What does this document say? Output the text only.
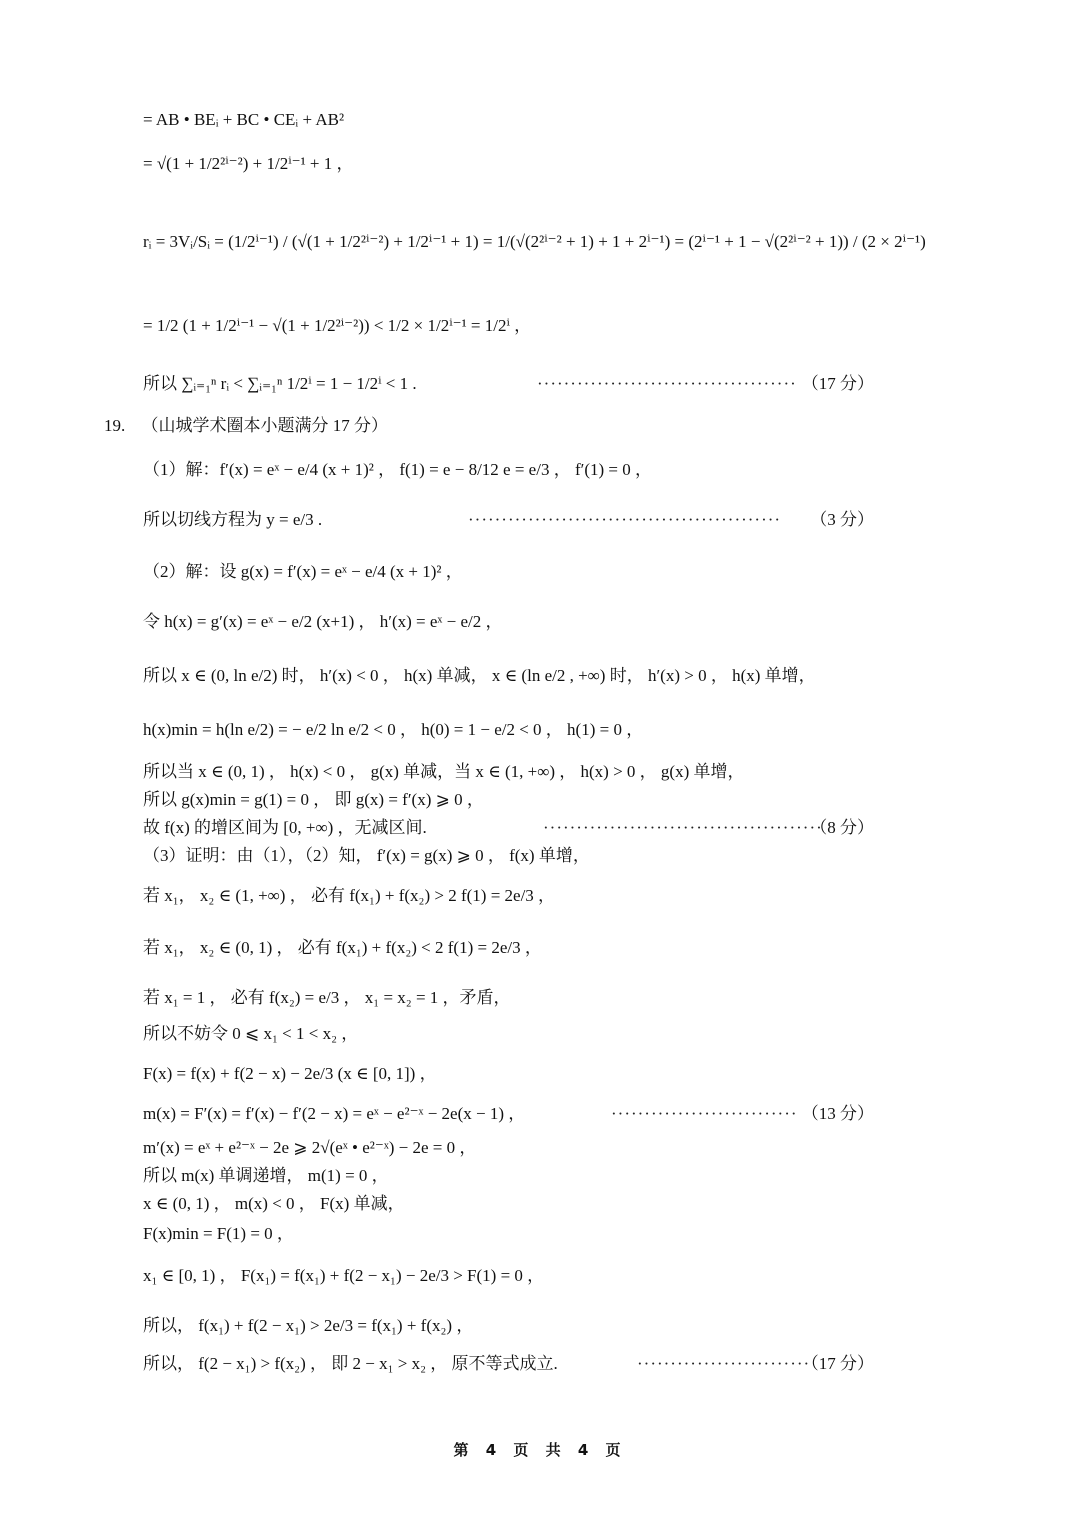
= AB • BEᵢ + BC • CEᵢ + AB²
= √(1 + 1/2²ⁱ⁻²) + 1/2ⁱ⁻¹ + 1 ，
rᵢ = 3Vᵢ/Sᵢ = (1/2ⁱ⁻¹) / (√(1 + 1/2²ⁱ⁻²) + 1/2ⁱ⁻¹ + 1) = 1/(√(2²ⁱ⁻² + 1) + 1 + 2ⁱ⁻¹) = (2ⁱ⁻¹ + 1 − √(2²ⁱ⁻² + 1)) / (2 × 2ⁱ⁻¹)
= 1/2 (1 + 1/2ⁱ⁻¹ − √(1 + 1/2²ⁱ⁻²)) < 1/2 × 1/2ⁱ⁻¹ = 1/2ⁱ ，
所以 ∑ᵢ₌₁ⁿ rᵢ < ∑ᵢ₌₁ⁿ 1/2ⁱ = 1 − 1/2ⁱ < 1 .
19. （山城学术圈本小题满分 17 分）
（1）解：f′(x) = eˣ − e/4 (x + 1)² ， f(1) = e − 8/12 e = e/3 ， f′(1) = 0 ，
所以切线方程为 y = e/3 .
（2）解：设 g(x) = f′(x) = eˣ − e/4 (x + 1)² ，
令 h(x) = g′(x) = eˣ − e/2 (x+1) ， h′(x) = eˣ − e/2 ，
所以 x ∈ (0, ln e/2) 时， h′(x) < 0 ， h(x) 单减， x ∈ (ln e/2 , +∞) 时， h′(x) > 0 ， h(x) 单增，
h(x)min = h(ln e/2) = − e/2 ln e/2 < 0 ， h(0) = 1 − e/2 < 0 ， h(1) = 0 ，
所以当 x ∈ (0, 1) ， h(x) < 0 ， g(x) 单减，当 x ∈ (1, +∞) ， h(x) > 0 ， g(x) 单增，
所以 g(x)min = g(1) = 0 ， 即 g(x) = f′(x) ⩾ 0 ，
故 f(x) 的增区间为 [0, +∞) ，无减区间.
（3）证明：由（1），（2）知， f′(x) = g(x) ⩾ 0 ， f(x) 单增，
若 x₁， x₂ ∈ (1, +∞) ， 必有 f(x₁) + f(x₂) > 2 f(1) = 2e/3 ，
若 x₁， x₂ ∈ (0, 1) ， 必有 f(x₁) + f(x₂) < 2 f(1) = 2e/3 ，
若 x₁ = 1 ， 必有 f(x₂) = e/3 ， x₁ = x₂ = 1 ，矛盾，
所以不妨令 0 ⩽ x₁ < 1 < x₂ ，
F(x) = f(x) + f(2 − x) − 2e/3 (x ∈ [0, 1]) ，
m(x) = F′(x) = f′(x) − f′(2 − x) = eˣ − e²⁻ˣ − 2e(x − 1) ，
m′(x) = eˣ + e²⁻ˣ − 2e ⩾ 2√(eˣ • e²⁻ˣ) − 2e = 0 ，
所以 m(x) 单调递增， m(1) = 0 ，
x ∈ (0, 1) ， m(x) < 0 ， F(x) 单减，
F(x)min = F(1) = 0 ，
x₁ ∈ [0, 1) ， F(x₁) = f(x₁) + f(2 − x₁) − 2e/3 > F(1) = 0 ，
所以， f(x₁) + f(2 − x₁) > 2e/3 = f(x₁) + f(x₂) ，
所以， f(2 − x₁) > f(x₂) ， 即 2 − x₁ > x₂ ， 原不等式成立.
······································· （17 分）
··············································· （3 分）
··········································
（8 分）
···························· （13 分）
··························
（17 分）
第 4 页 共 4 页
